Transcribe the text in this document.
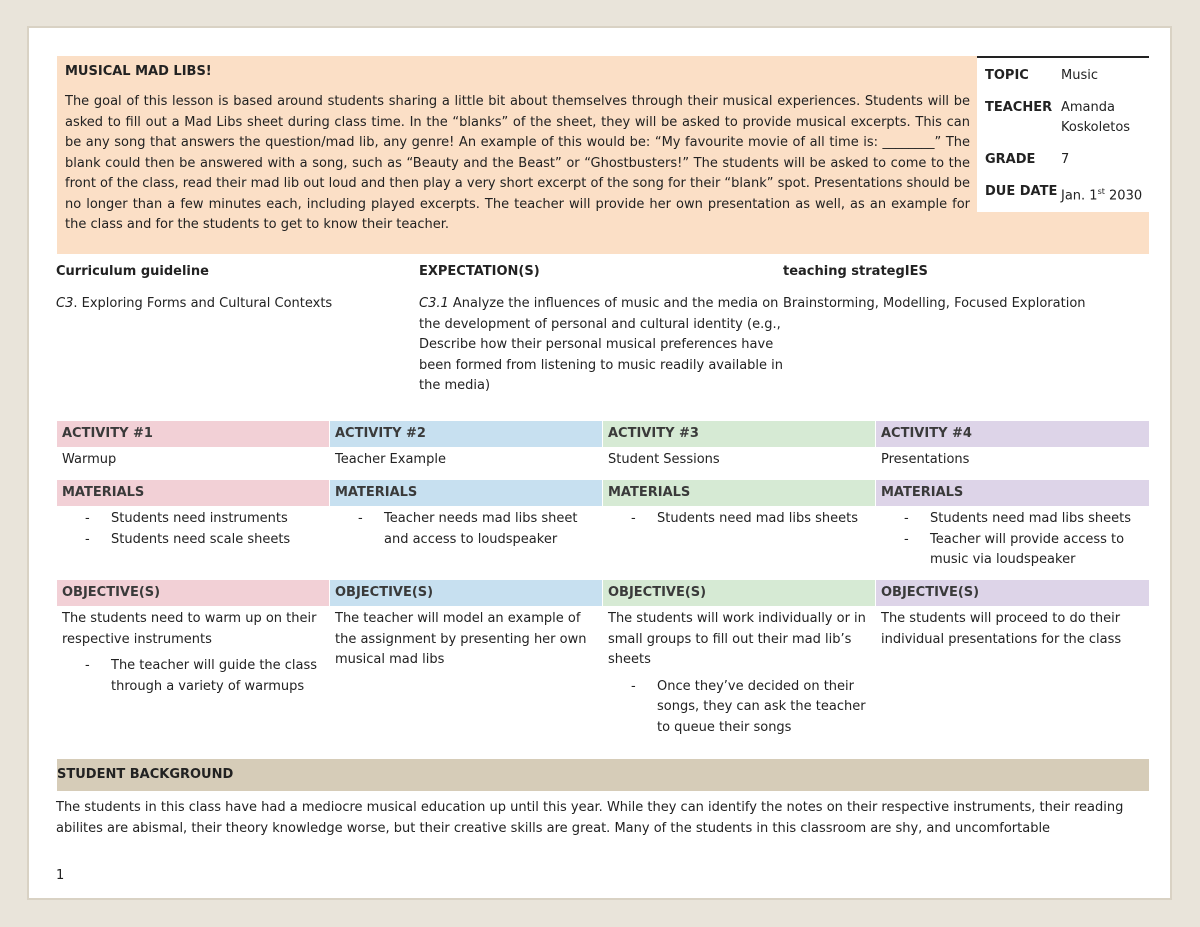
MUSICAL MAD LIBS!
The goal of this lesson is based around students sharing a little bit about themselves through their musical experiences. Students will be asked to fill out a Mad Libs sheet during class time. In the “blanks” of the sheet, they will be asked to provide musical excerpts. This can be any song that answers the question/mad lib, any genre! An example of this would be: “My favourite movie of all time is: ________” The blank could then be answered with a song, such as “Beauty and the Beast” or “Ghostbusters!” The students will be asked to come to the front of the class, read their mad lib out loud and then play a very short excerpt of the song for their “blank” spot. Presentations should be no longer than a few minutes each, including played excerpts. The teacher will provide her own presentation as well, as an example for the class and for the students to get to know their teacher.
TOPIC	Music
TEACHER Amanda Koskoletos
GRADE	7
DUE DATE Jan. 1st 2030
Curriculum guideline	EXPECTATION(S)	teaching strategIES
C3. Exploring Forms and Cultural Contexts	C3.1 Analyze the influences of music and the media on the development of personal and cultural identity (e.g., Describe how their personal musical preferences have been formed from listening to music readily available in the media)
Brainstorming, Modelling, Focused Exploration
ACTIVITY #1	ACTIVITY #2	ACTIVITY #3	ACTIVITY #4
Warmup	Teacher Example	Student Sessions	Presentations
MATERIALS	MATERIALS	MATERIALS	MATERIALS
- Students need instruments
- Students need scale sheets
- Teacher needs mad libs sheet and access to loudspeaker
- Students need mad libs sheets
-	Students need mad libs sheets
- Teacher will provide access to music via loudspeaker
OBJECTIVE(S)	OBJECTIVE(S)	OBJECTIVE(S)	OBJECTIVE(S)
The students need to warm up on their respective instruments
- The teacher will guide the class through a variety of warmups
The teacher will model an example of the assignment by presenting her own musical mad libs
The students will work individually or in small groups to fill out their mad lib’s sheets
- Once they’ve decided on their songs, they can ask the teacher to queue their songs
The students will proceed to do their individual presentations for the class
STUDENT BACKGROUND
The students in this class have had a mediocre musical education up until this year. While they can identify the notes on their respective instruments, their reading abilites are abismal, their theory knowledge worse, but their creative skills are great. Many of the students in this classroom are shy, and uncomfortable
1
